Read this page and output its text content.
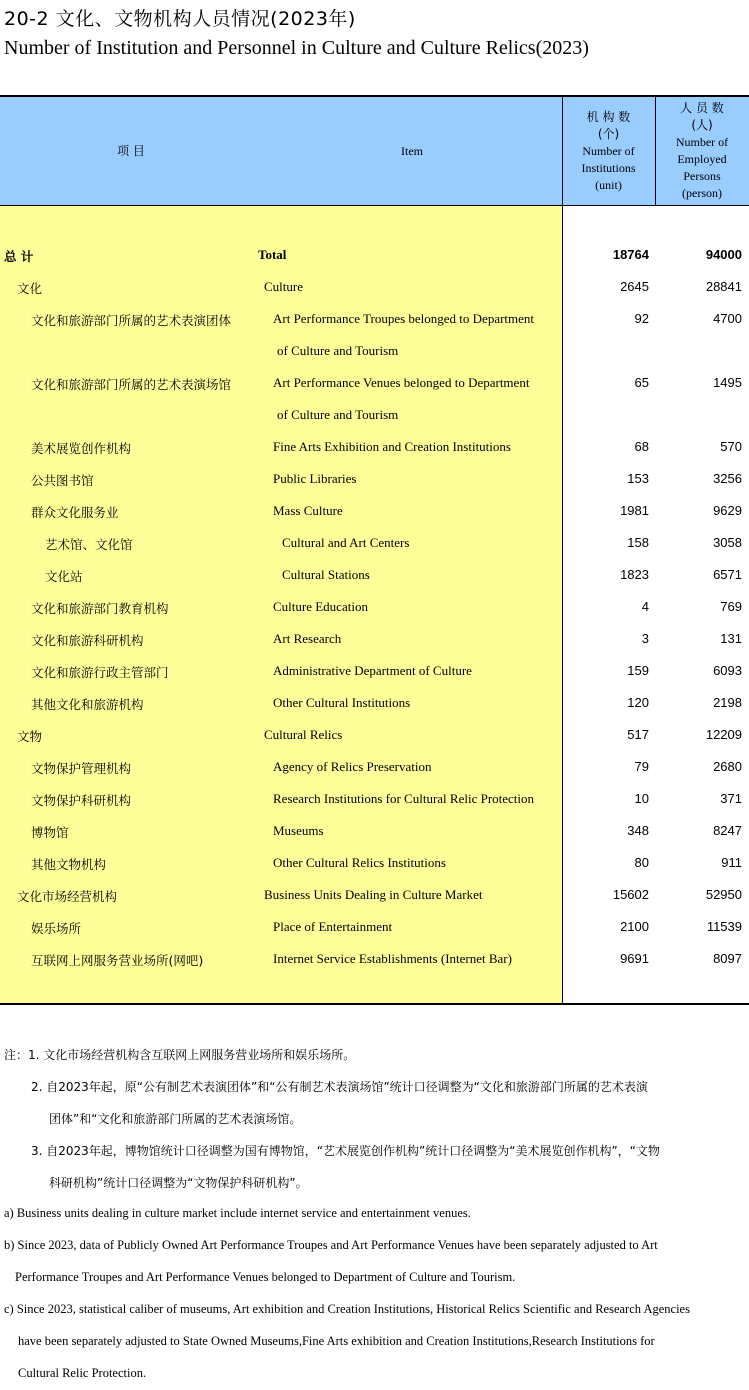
20-2 文化、文物机构人员情况(2023年)
Number of Institution and Personnel in Culture and Culture Relics(2023)
项 目	Item
机 构 数
(个)
Number of
Institutions
(unit)
人 员 数
(人)
Number of
Employed
Persons
(person)
总 计	Total	18764	94000
文化	Culture	2645	28841
文化和旅游部门所属的艺术表演团体	Art Performance Troupes belonged to Department	92	4700
of Culture and Tourism
文化和旅游部门所属的艺术表演场馆	Art Performance Venues belonged to Department	65	1495
of Culture and Tourism
美术展览创作机构	Fine Arts Exhibition and Creation Institutions	68	570
公共图书馆	Public Libraries	153	3256
群众文化服务业	Mass Culture	1981	9629
艺术馆、文化馆	Cultural and Art Centers	158	3058
文化站	Cultural Stations	1823	6571
文化和旅游部门教育机构	Culture Education	4	769
文化和旅游科研机构	Art Research	3	131
文化和旅游行政主管部门	Administrative Department of Culture	159	6093
其他文化和旅游机构	Other Cultural Institutions	120	2198
文物	Cultural Relics	517	12209
文物保护管理机构	Agency of Relics Preservation	79	2680
文物保护科研机构	Research Institutions for Cultural Relic Protection	10	371
博物馆	Museums	348	8247
其他文物机构	Other Cultural Relics Institutions	80	911
文化市场经营机构	Business Units Dealing in Culture Market	15602	52950
娱乐场所	Place of Entertainment	2100	11539
互联网上网服务营业场所(网吧)	Internet Service Establishments (Internet Bar)	9691	8097
注：1. 文化市场经营机构含互联网上网服务营业场所和娱乐场所。
2. 自2023年起，原“公有制艺术表演团体”和“公有制艺术表演场馆”统计口径调整为“文化和旅游部门所属的艺术表演
团体”和“文化和旅游部门所属的艺术表演场馆。
3. 自2023年起，博物馆统计口径调整为国有博物馆，“艺术展览创作机构”统计口径调整为“美术展览创作机构”，“文物
科研机构”统计口径调整为“文物保护科研机构”。
a) Business units dealing in culture market include internet service and entertainment venues.
b) Since 2023, data of Publicly Owned Art Performance Troupes and Art Performance Venues have been separately adjusted to Art
Performance Troupes and Art Performance Venues belonged to Department of Culture and Tourism.
c) Since 2023, statistical caliber of museums, Art exhibition and Creation Institutions, Historical Relics Scientific and Research Agencies
have been separately adjusted to State Owned Museums,Fine Arts exhibition and Creation Institutions,Research Institutions for
Cultural Relic Protection.
